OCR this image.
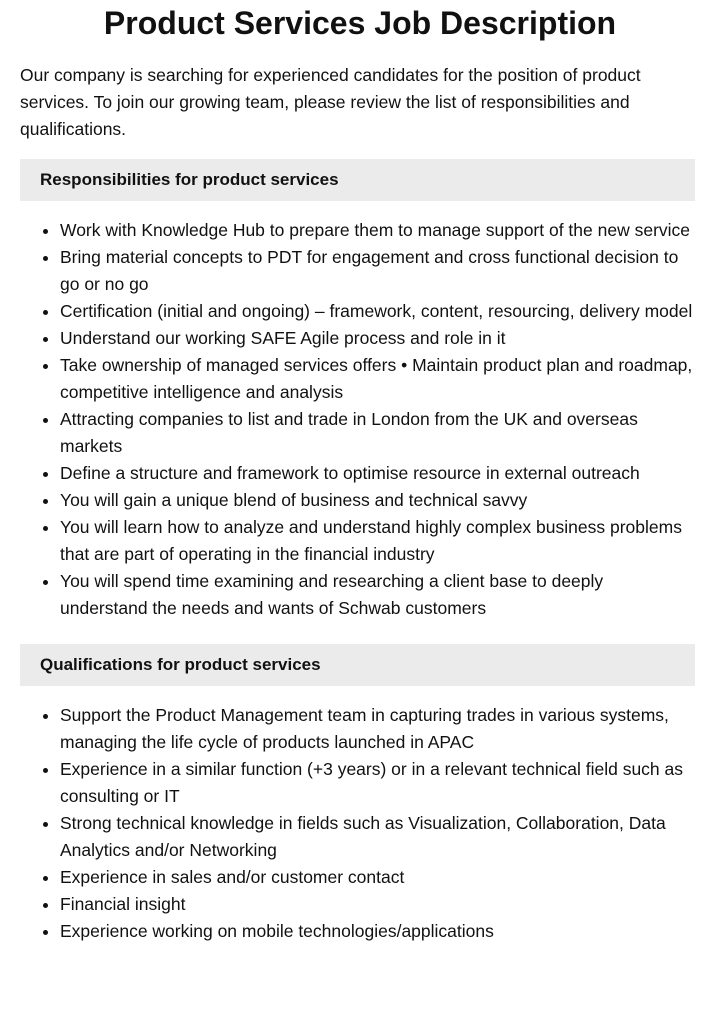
Product Services Job Description

Our company is searching for experienced candidates for the position of product services. To join our growing team, please review the list of responsibilities and qualifications.

Responsibilities for product services
• Work with Knowledge Hub to prepare them to manage support of the new service
• Bring material concepts to PDT for engagement and cross functional decision to go or no go
• Certification (initial and ongoing) – framework, content, resourcing, delivery model
• Understand our working SAFE Agile process and role in it
• Take ownership of managed services offers • Maintain product plan and roadmap, competitive intelligence and analysis
• Attracting companies to list and trade in London from the UK and overseas markets
• Define a structure and framework to optimise resource in external outreach
• You will gain a unique blend of business and technical savvy
• You will learn how to analyze and understand highly complex business problems that are part of operating in the financial industry
• You will spend time examining and researching a client base to deeply understand the needs and wants of Schwab customers
Qualifications for product services
• Support the Product Management team in capturing trades in various systems, managing the life cycle of products launched in APAC
• Experience in a similar function (+3 years) or in a relevant technical field such as consulting or IT
• Strong technical knowledge in fields such as Visualization, Collaboration, Data Analytics and/or Networking
• Experience in sales and/or customer contact
• Financial insight
• Experience working on mobile technologies/applications
